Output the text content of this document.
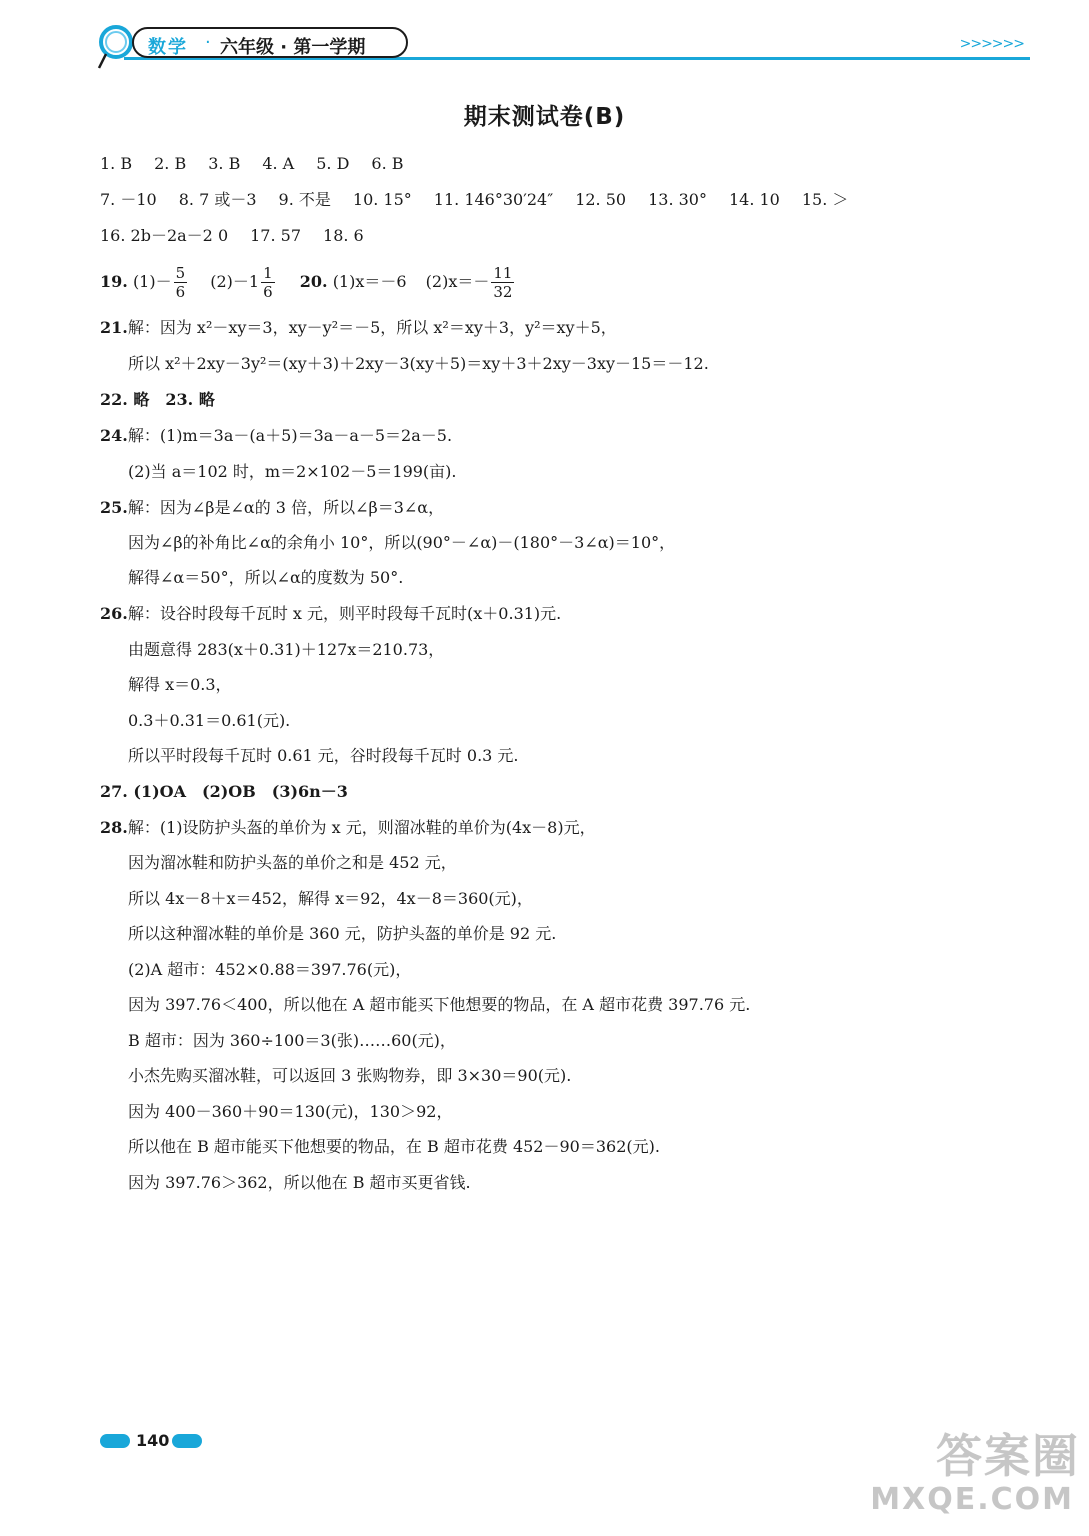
数学 · 六年级 · 第一学期	>>>>>>
期末测试卷(B)
1. B 2. B 3. B 4. A 5. D 6. B
7. －10 8. 7 或－3 9. 不是 10. 15° 11. 146°30′24″ 12. 50 13. 30° 14. 10 15. ＞
16. 2b－2a－2 0 17. 57 18. 6
19. $(1)- \frac{5}{6} (2)-1 \frac{1}{6} 20$. (1)x＝－6 $(2)x=- \frac{11}{32}$
21.解：因为 x²－xy＝3，xy－y²＝－5，所以 x²＝xy＋3，y²＝xy＋5，
所以 x²＋2xy－3y²＝(xy＋3)＋2xy－3(xy＋5)＝xy＋3＋2xy－3xy－15＝－12.
22. 略　23. 略
24.解：(1)m＝3a－(a＋5)＝3a－a－5＝2a－5.
(2)当 a＝102 时，m＝2×102－5＝199(亩).
25.解：因为∠β是∠α的 3 倍，所以∠β＝3∠α，
因为∠β的补角比∠α的余角小 10°，所以(90°－∠α)－(180°－3∠α)＝10°，
解得∠α＝50°，所以∠α的度数为 50°.
26.解：设谷时段每千瓦时 x 元，则平时段每千瓦时(x＋0.31)元.
由题意得 283(x＋0.31)＋127x＝210.73，
解得 x＝0.3，
0.3＋0.31＝0.61(元).
所以平时段每千瓦时 0.61 元，谷时段每千瓦时 0.3 元.
27. (1)OA　(2)OB　(3)6n－3
28.解：(1)设防护头盔的单价为 x 元，则溜冰鞋的单价为(4x－8)元，
因为溜冰鞋和防护头盔的单价之和是 452 元，
所以 4x－8＋x＝452，解得 x＝92，4x－8＝360(元)，
所以这种溜冰鞋的单价是 360 元，防护头盔的单价是 92 元.
(2)A 超市：452×0.88＝397.76(元)，
因为 397.76＜400，所以他在 A 超市能买下他想要的物品，在 A 超市花费 397.76 元.
B 超市：因为 360÷100＝3(张)……60(元)，
小杰先购买溜冰鞋，可以返回 3 张购物券，即 3×30＝90(元).
因为 400－360＋90＝130(元)，130＞92，
所以他在 B 超市能买下他想要的物品，在 B 超市花费 452－90＝362(元).
因为 397.76＞362，所以他在 B 超市买更省钱.
140	答案圈
MXQE.COM
